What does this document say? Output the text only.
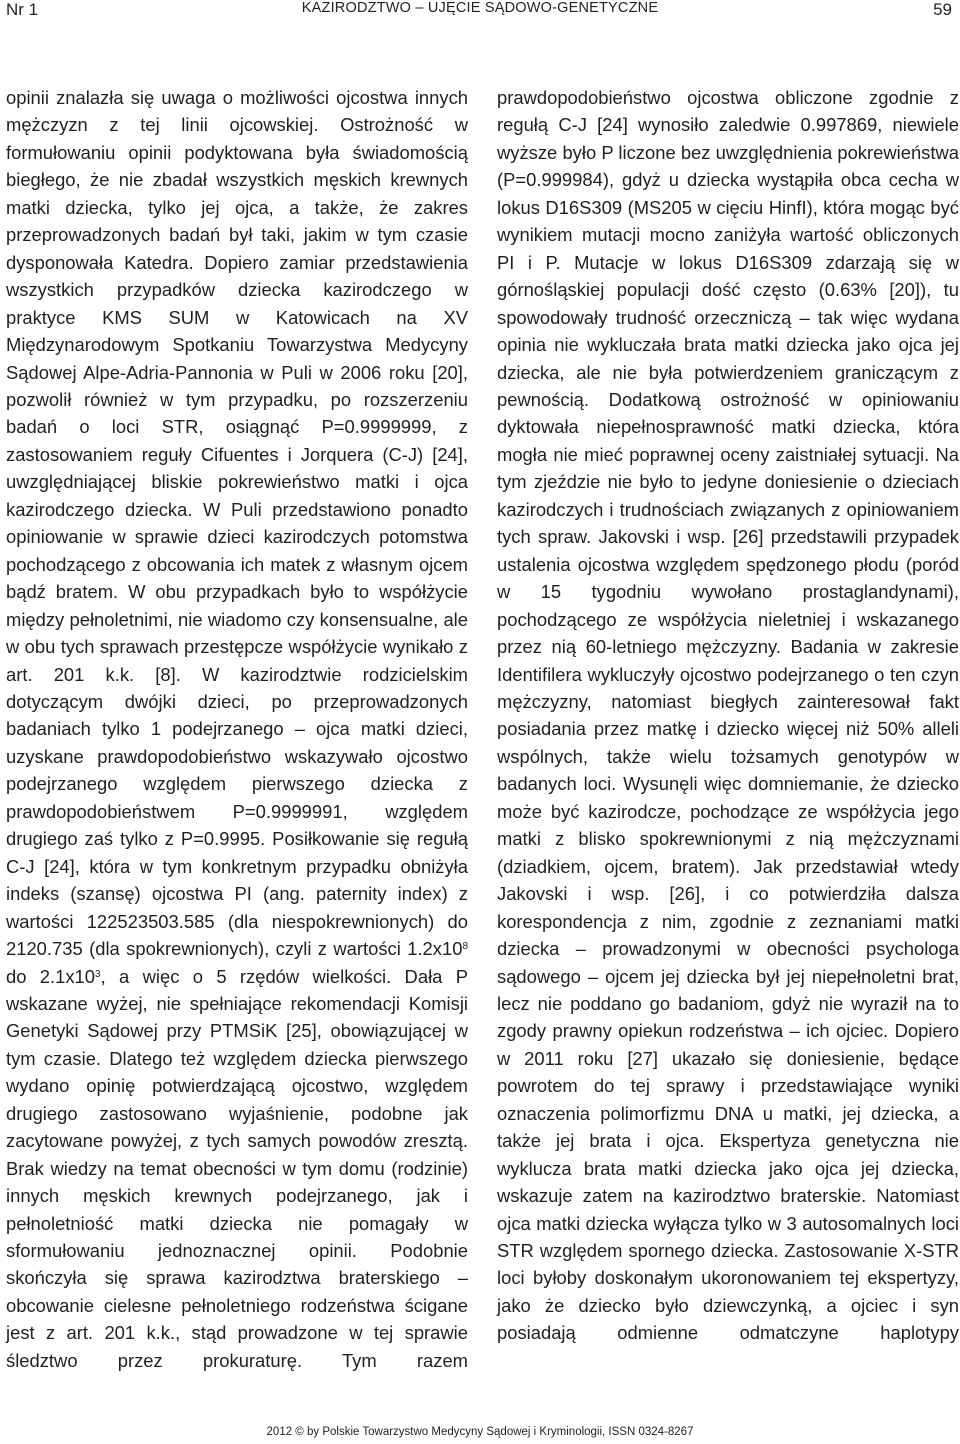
Nr 1	KAZIRODZTWO – UJĘCIE SĄDOWO-GENETYCZNE	59

opinii znalazła się uwaga o możliwości ojcostwa innych mężczyzn z tej linii ojcowskiej. Ostrożność w formułowaniu opinii podyktowana była świadomością biegłego, że nie zbadał wszystkich męskich krewnych matki dziecka, tylko jej ojca, a także, że zakres przeprowadzonych badań był taki, jakim w tym czasie dysponowała Katedra. Dopiero zamiar przedstawienia wszystkich przypadków dziecka kazirodczego w praktyce KMS SUM w Katowicach na XV Międzynarodowym Spotkaniu Towarzystwa Medycyny Sądowej Alpe-Adria-Pannonia w Puli w 2006 roku [20], pozwolił również w tym przypadku, po rozszerzeniu badań o loci STR, osiągnąć P=0.9999999, z zastosowaniem reguły Cifuentes i Jorquera (C-J) [24], uwzględniającej bliskie pokrewieństwo matki i ojca kazirodczego dziecka. W Puli przedstawiono ponadto opiniowanie w sprawie dzieci kazirodczych potomstwa pochodzącego z obcowania ich matek z własnym ojcem bądź bratem. W obu przypadkach było to współżycie między pełnoletnimi, nie wiadomo czy konsensualne, ale w obu tych sprawach przestępcze współżycie wynikało z art. 201 k.k. [8]. W kazirodztwie rodzicielskim dotyczącym dwójki dzieci, po przeprowadzonych badaniach tylko 1 podejrzanego – ojca matki dzieci, uzyskane prawdopodobieństwo wskazywało ojcostwo podejrzanego względem pierwszego dziecka z prawdopodobieństwem P=0.9999991, względem drugiego zaś tylko z P=0.9995. Posiłkowanie się regułą C-J [24], która w tym konkretnym przypadku obniżyła indeks (szansę) ojcostwa PI (ang. paternity index) z wartości 122523503.585 (dla niespokrewnionych) do 2120.735 (dla spokrewnionych), czyli z wartości $1.2x10^8$ do $2.1x10^3$, a więc o 5 rzędów wielkości. Dała P wskazane wyżej, nie spełniające rekomendacji Komisji Genetyki Sądowej przy PTMSiK [25], obowiązującej w tym czasie. Dlatego też względem dziecka pierwszego wydano opinię potwierdzającą ojcostwo, względem drugiego zastosowano wyjaśnienie, podobne jak zacytowane powyżej, z tych samych powodów zresztą. Brak wiedzy na temat obecności w tym domu (rodzinie) innych męskich krewnych podejrzanego, jak i pełnoletniość matki dziecka nie pomagały w sformułowaniu jednoznacznej opinii. Podobnie skończyła się sprawa kazirodztwa braterskiego – obcowanie cielesne pełnoletniego rodzeństwa ścigane jest z art. 201 k.k., stąd prowadzone w tej sprawie śledztwo przez prokuraturę. Tym razem

prawdopodobieństwo ojcostwa obliczone zgodnie z regułą C-J [24] wynosiło zaledwie 0.997869, niewiele wyższe było P liczone bez uwzględnienia pokrewieństwa (P=0.999984), gdyż u dziecka wystąpiła obca cecha w lokus D16S309 (MS205 w cięciu HinfI), która mogąc być wynikiem mutacji mocno zaniżyła wartość obliczonych PI i P. Mutacje w lokus D16S309 zdarzają się w górnośląskiej populacji dość często (0.63% [20]), tu spowodowały trudność orzeczniczą – tak więc wydana opinia nie wykluczała brata matki dziecka jako ojca jej dziecka, ale nie była potwierdzeniem graniczącym z pewnością. Dodatkową ostrożność w opiniowaniu dyktowała niepełnosprawność matki dziecka, która mogła nie mieć poprawnej oceny zaistniałej sytuacji. Na tym zjeździe nie było to jedyne doniesienie o dzieciach kazirodczych i trudnościach związanych z opiniowaniem tych spraw. Jakovski i wsp. [26] przedstawili przypadek ustalenia ojcostwa względem spędzonego płodu (poród w 15 tygodniu wywołano prostaglandynami), pochodzącego ze współżycia nieletniej i wskazanego przez nią 60-letniego mężczyzny. Badania w zakresie Identifilera wykluczyły ojcostwo podejrzanego o ten czyn mężczyzny, natomiast biegłych zainteresował fakt posiadania przez matkę i dziecko więcej niż 50% alleli wspólnych, także wielu tożsamych genotypów w badanych loci. Wysunęli więc domniemanie, że dziecko może być kazirodcze, pochodzące ze współżycia jego matki z blisko spokrewnionymi z nią mężczyznami (dziadkiem, ojcem, bratem). Jak przedstawiał wtedy Jakovski i wsp. [26], i co potwierdziła dalsza korespondencja z nim, zgodnie z zeznaniami matki dziecka – prowadzonymi w obecności psychologa sądowego – ojcem jej dziecka był jej niepełnoletni brat, lecz nie poddano go badaniom, gdyż nie wyraził na to zgody prawny opiekun rodzeństwa – ich ojciec. Dopiero w 2011 roku [27] ukazało się doniesienie, będące powrotem do tej sprawy i przedstawiające wyniki oznaczenia polimorfizmu DNA u matki, jej dziecka, a także jej brata i ojca. Ekspertyza genetyczna nie wyklucza brata matki dziecka jako ojca jej dziecka, wskazuje zatem na kazirodztwo braterskie. Natomiast ojca matki dziecka wyłącza tylko w 3 autosomalnych loci STR względem spornego dziecka. Zastosowanie X-STR loci byłoby doskonałym ukoronowaniem tej ekspertyzy, jako że dziecko było dziewczynką, a ojciec i syn posiadają odmienne odmatczyne haplotypy

2012 © by Polskie Towarzystwo Medycyny Sądowej i Kryminologii, ISSN 0324-8267
